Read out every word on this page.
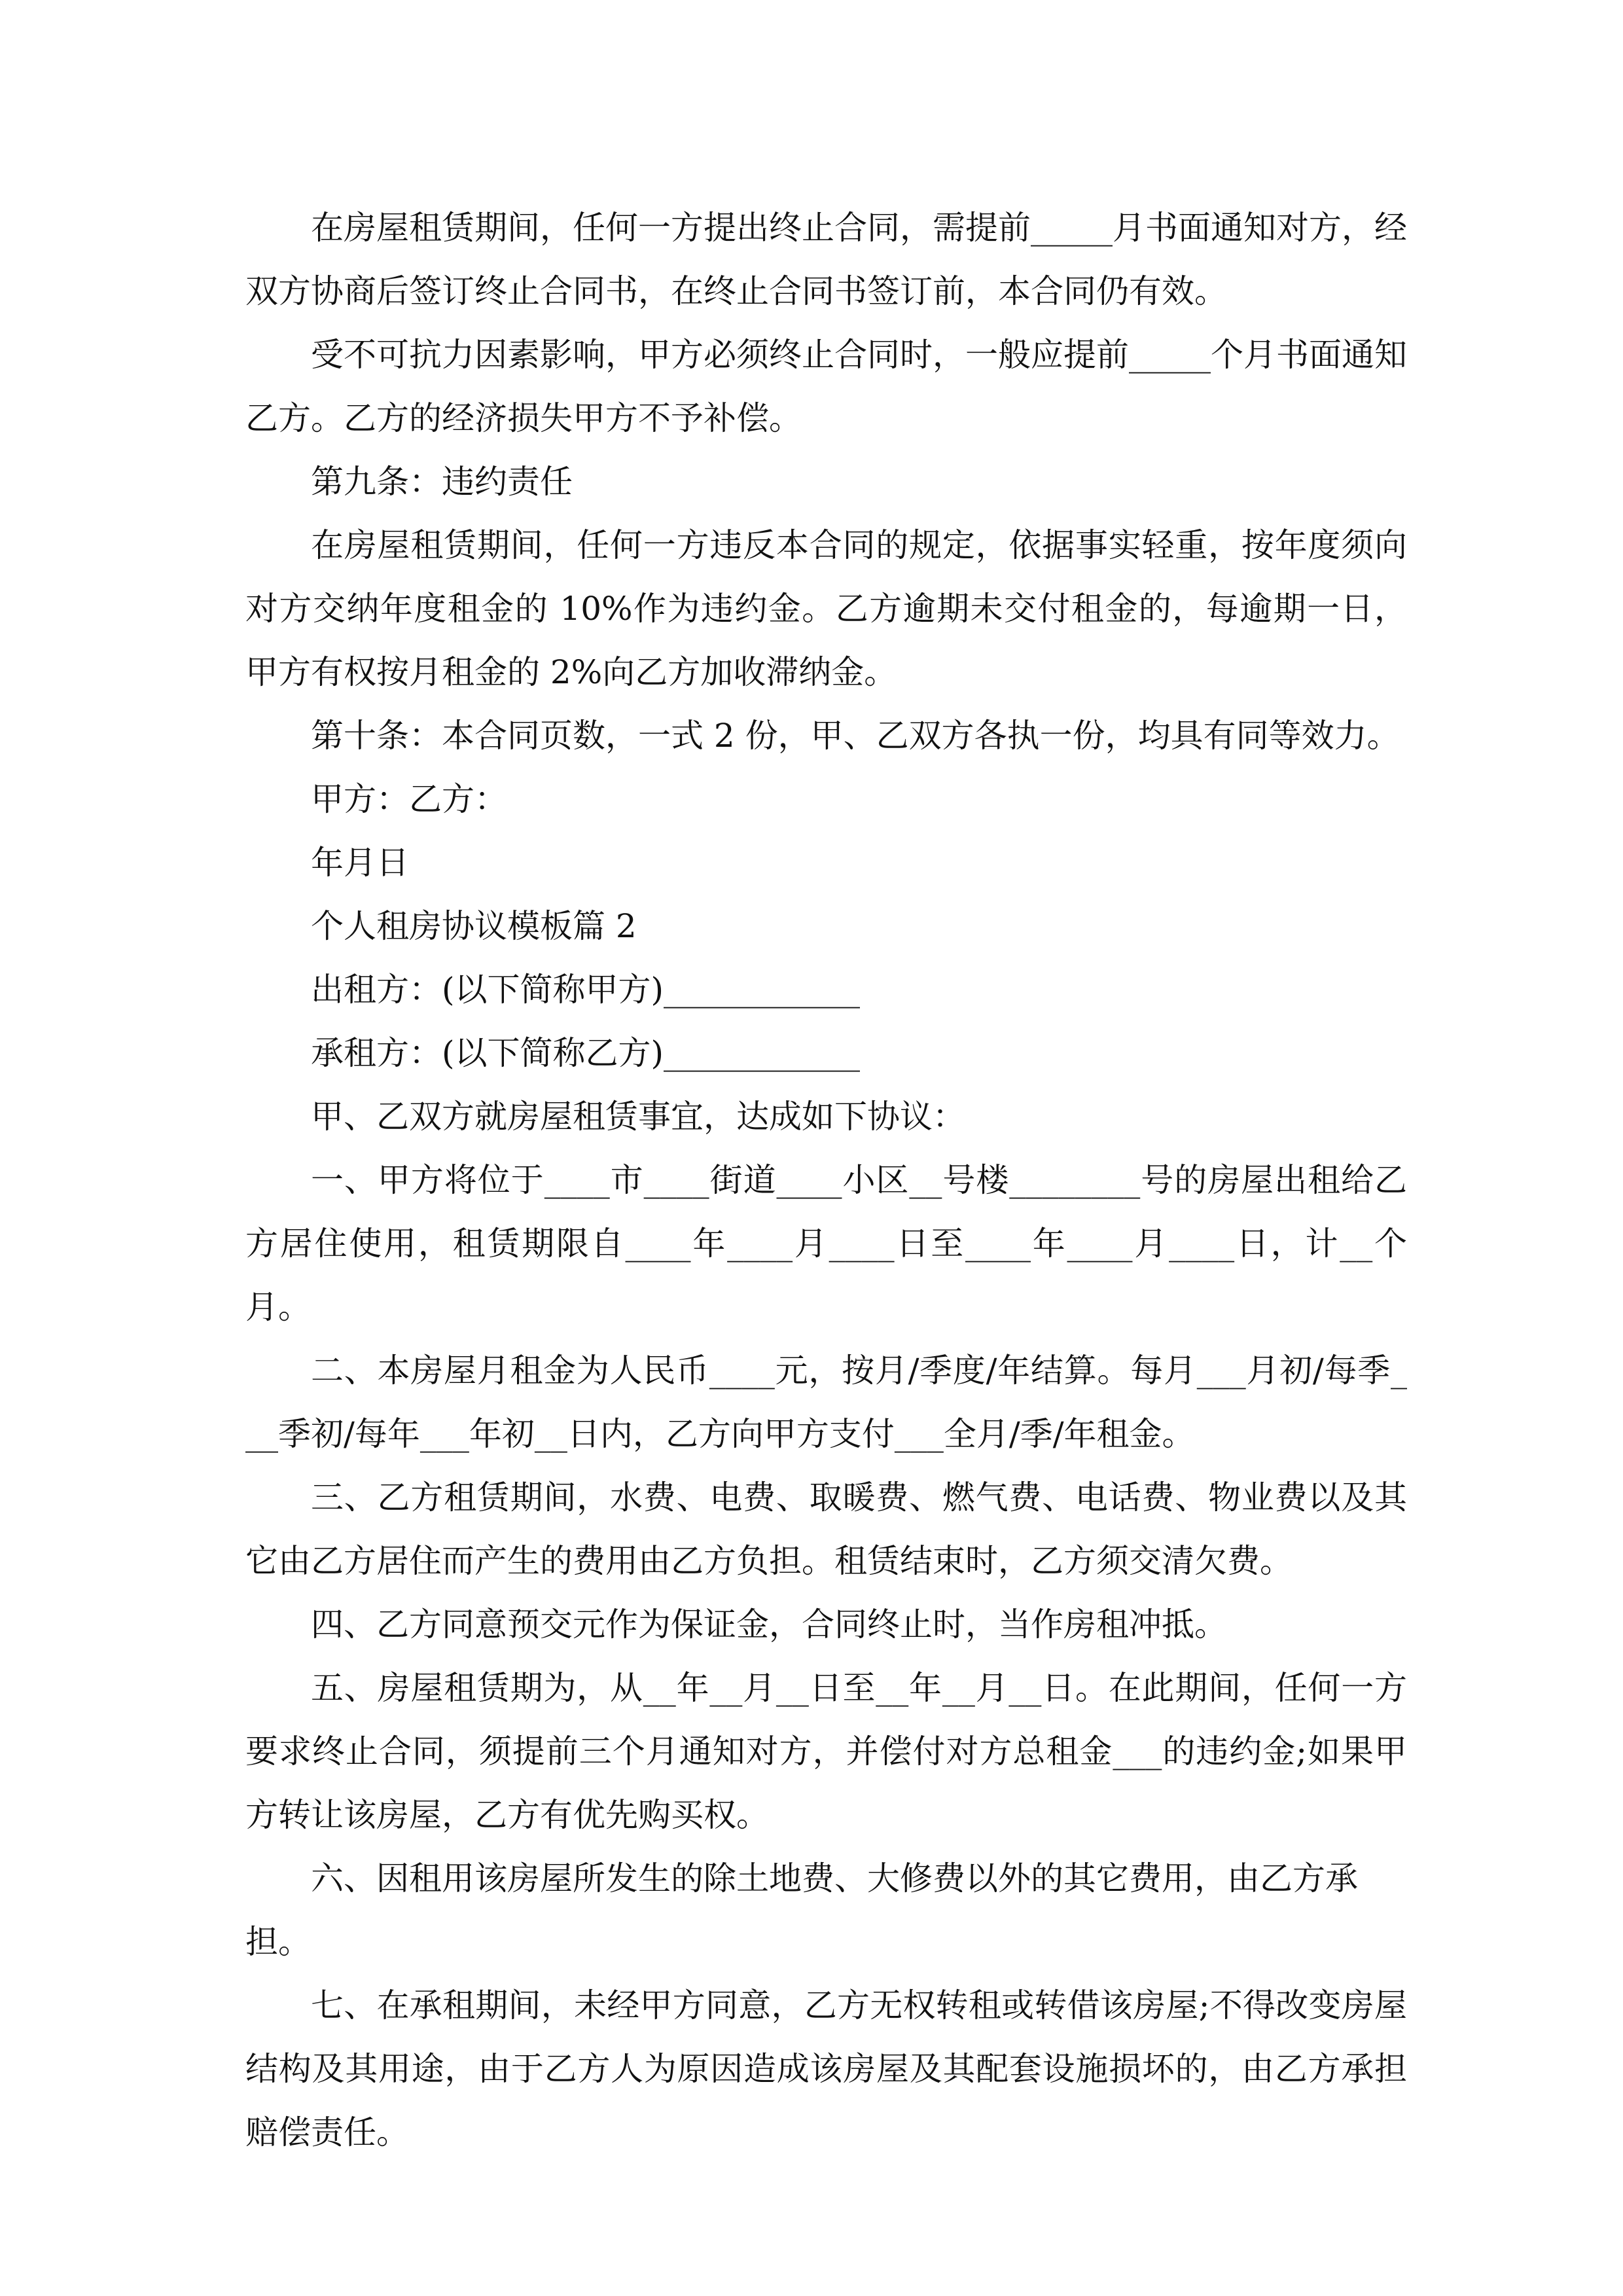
在房屋租赁期间，任何一方提出终止合同，需提前_____月书面通知对方，经双方协商后签订终止合同书，在终止合同书签订前，本合同仍有效。

受不可抗力因素影响，甲方必须终止合同时，一般应提前_____个月书面通知乙方。乙方的经济损失甲方不予补偿。

第九条：违约责任

在房屋租赁期间，任何一方违反本合同的规定，依据事实轻重，按年度须向对方交纳年度租金的 10%作为违约金。乙方逾期未交付租金的，每逾期一日，甲方有权按月租金的 2%向乙方加收滞纳金。

第十条：本合同页数，一式 2 份，甲、乙双方各执一份，均具有同等效力。

甲方：乙方：

年月日

个人租房协议模板篇 2

出租方：(以下简称甲方)____________

承租方：(以下简称乙方)____________

甲、乙双方就房屋租赁事宜，达成如下协议：

一、甲方将位于____市____街道____小区__号楼________号的房屋出租给乙方居住使用，租赁期限自____年____月____日至____年____月____日，计__个月。

二、本房屋月租金为人民币____元，按月/季度/年结算。每月___月初/每季___季初/每年___年初__日内，乙方向甲方支付___全月/季/年租金。

三、乙方租赁期间，水费、电费、取暖费、燃气费、电话费、物业费以及其它由乙方居住而产生的费用由乙方负担。租赁结束时，乙方须交清欠费。

四、乙方同意预交元作为保证金，合同终止时，当作房租冲抵。

五、房屋租赁期为，从__年__月__日至__年__月__日。在此期间，任何一方要求终止合同，须提前三个月通知对方，并偿付对方总租金___的违约金;如果甲方转让该房屋，乙方有优先购买权。

六、因租用该房屋所发生的除土地费、大修费以外的其它费用，由乙方承担。

七、在承租期间，未经甲方同意，乙方无权转租或转借该房屋;不得改变房屋结构及其用途，由于乙方人为原因造成该房屋及其配套设施损坏的，由乙方承担赔偿责任。
